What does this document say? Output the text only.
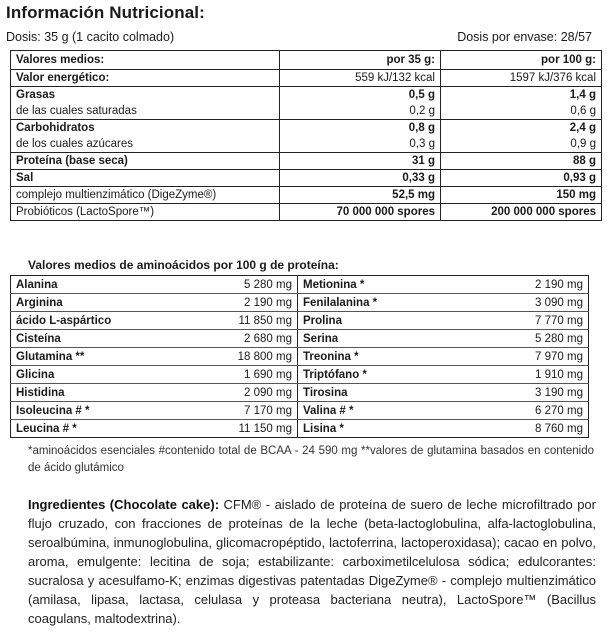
Información Nutricional:
Dosis: 35 g (1 cacito colmado)	Dosis por envase: 28/57
Valores medios:	por 35 g:	por 100 g:
Valor energético:	559 kJ/132 kcal	1597 kJ/376 kcal
Grasas	0,5 g	1,4 g
de las cuales saturadas	0,2 g	0,6 g
Carbohidratos	0,8 g	2,4 g
de los cuales azúcares	0,3 g	0,9 g
Proteína (base seca)	31 g	88 g
Sal	0,33 g	0,93 g
complejo multienzimático (DigeZyme®)	52,5 mg	150 mg
Probióticos (LactoSpore™)	70 000 000 spores	200 000 000 spores
Valores medios de aminoácidos por 100 g de proteína:
Alanina	5 280 mg	Metionina *	2 190 mg
Arginina	2 190 mg	Fenilalanina *	3 090 mg
ácido L-aspártico	11 850 mg	Prolina	7 770 mg
Cisteína	2 680 mg	Serina	5 280 mg
Glutamina **	18 800 mg	Treonina *	7 970 mg
Glicina	1 690 mg	Triptófano *	1 910 mg
Histidina	2 090 mg	Tirosina	3 190 mg
Isoleucina # *	7 170 mg	Valina # *	6 270 mg
Leucina # *	11 150 mg	Lisina *	8 760 mg
*aminoácidos esenciales #contenido total de BCAA - 24 590 mg **valores de glutamina basados en contenido de ácido glutámico
Ingredientes (Chocolate cake): CFM® - aislado de proteína de suero de leche microfiltrado por flujo cruzado, con fracciones de proteínas de la leche (beta-lactoglobulina, alfa-lactoglobulina, seroalbúmina, inmunoglobulina, glicomacropéptido, lactoferrina, lactoperoxidasa); cacao en polvo, aroma, emulgente: lecitina de soja; estabilizante: carboximetilcelulosa sódica; edulcorantes: sucralosa y acesulfamo-K; enzimas digestivas patentadas DigeZyme® - complejo multienzimático (amilasa, lipasa, lactasa, celulasa y proteasa bacteriana neutra), LactoSpore™ (Bacillus coagulans, maltodextrina).
